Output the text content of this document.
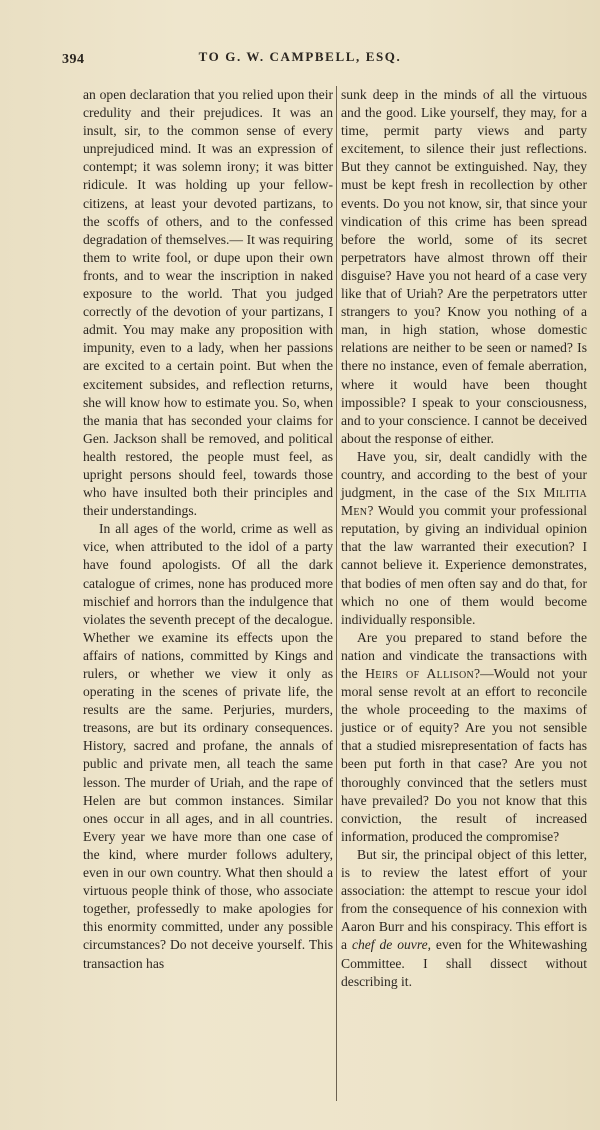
394	TO G. W. CAMPBELL, ESQ.

an open declaration that you relied upon their credulity and their prejudices. It was an insult, sir, to the common sense of every unprejudiced mind. It was an expression of contempt; it was solemn irony; it was bitter ridicule. It was holding up your fellow-citizens, at least your devoted partizans, to the scoffs of others, and to the confessed degradation of themselves.— It was requiring them to write fool, or dupe upon their own fronts, and to wear the inscription in naked exposure to the world. That you judged correctly of the devotion of your partizans, I admit. You may make any proposition with impunity, even to a lady, when her passions are excited to a certain point. But when the excitement subsides, and reflection returns, she will know how to estimate you. So, when the mania that has seconded your claims for Gen. Jackson shall be removed, and political health restored, the people must feel, as upright persons should feel, towards those who have insulted both their principles and their understandings.

In all ages of the world, crime as well as vice, when attributed to the idol of a party have found apologists. Of all the dark catalogue of crimes, none has produced more mischief and horrors than the indulgence that violates the seventh precept of the decalogue. Whether we examine its effects upon the affairs of nations, committed by Kings and rulers, or whether we view it only as operating in the scenes of private life, the results are the same. Perjuries, murders, treasons, are but its ordinary consequences. History, sacred and profane, the annals of public and private men, all teach the same lesson. The murder of Uriah, and the rape of Helen are but common instances. Similar ones occur in all ages, and in all countries. Every year we have more than one case of the kind, where murder follows adultery, even in our own country. What then should a virtuous people think of those, who associate together, professedly to make apologies for this enormity committed, under any possible circumstances? Do not deceive yourself. This transaction has

sunk deep in the minds of all the virtuous and the good. Like yourself, they may, for a time, permit party views and party excitement, to silence their just reflections. But they cannot be extinguished. Nay, they must be kept fresh in recollection by other events. Do you not know, sir, that since your vindication of this crime has been spread before the world, some of its secret perpetrators have almost thrown off their disguise? Have you not heard of a case very like that of Uriah? Are the perpetrators utter strangers to you? Know you nothing of a man, in high station, whose domestic relations are neither to be seen or named? Is there no instance, even of female aberration, where it would have been thought impossible? I speak to your consciousness, and to your conscience. I cannot be deceived about the response of either.

Have you, sir, dealt candidly with the country, and according to the best of your judgment, in the case of the Six Militia Men? Would you commit your professional reputation, by giving an individual opinion that the law warranted their execution? I cannot believe it. Experience demonstrates, that bodies of men often say and do that, for which no one of them would become individually responsible.

Are you prepared to stand before the nation and vindicate the transactions with the Heirs of Allison?—Would not your moral sense revolt at an effort to reconcile the whole proceeding to the maxims of justice or of equity? Are you not sensible that a studied misrepresentation of facts has been put forth in that case? Are you not thoroughly convinced that the setlers must have prevailed? Do you not know that this conviction, the result of increased information, produced the compromise?

But sir, the principal object of this letter, is to review the latest effort of your association: the attempt to rescue your idol from the consequence of his connexion with Aaron Burr and his conspiracy. This effort is a chef de ouvre, even for the Whitewashing Committee. I shall dissect without describing it.
